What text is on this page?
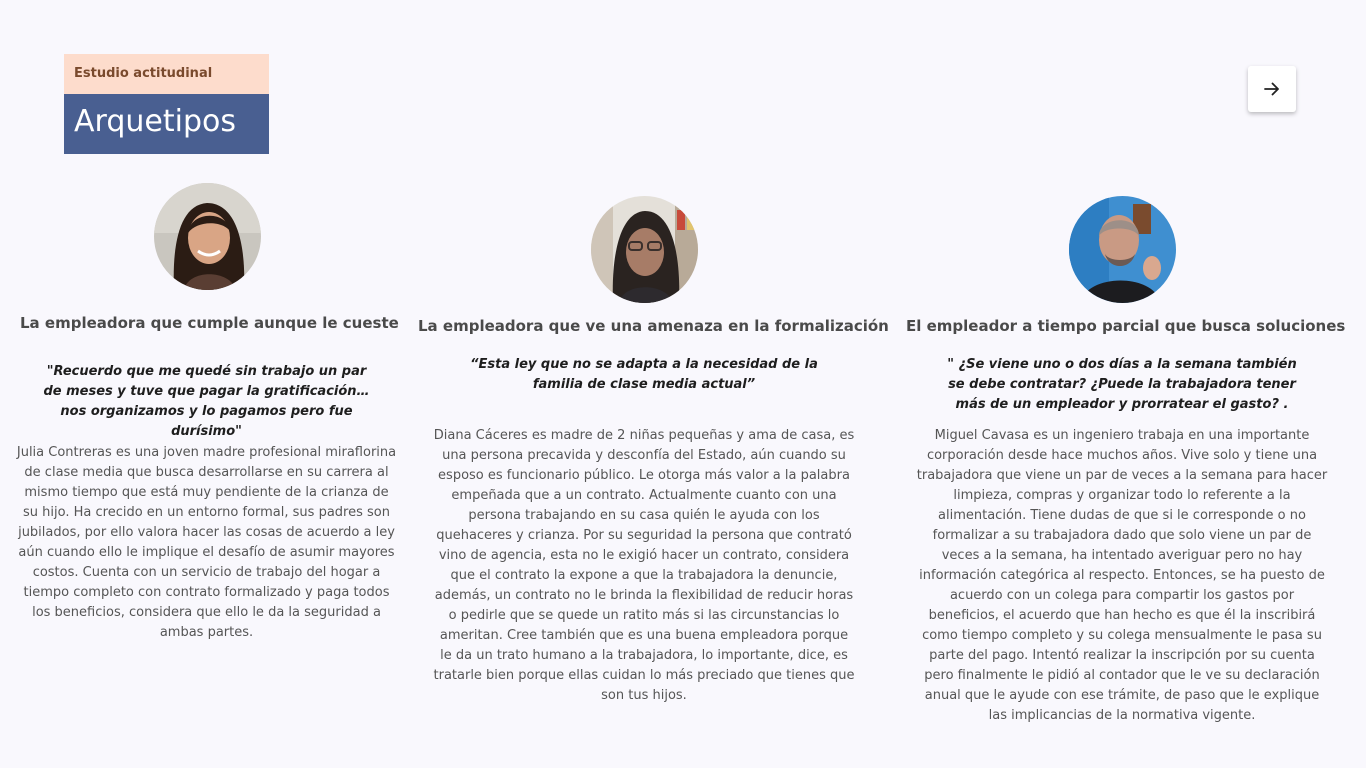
Estudio actitudinal
Arquetipos
La empleadora que cumple aunque le cueste
"Recuerdo que me quedé sin trabajo un par de meses y tuve que pagar la gratificación…nos organizamos y lo pagamos pero fue durísimo"
Julia Contreras es una joven madre profesional miraflorina de clase media que busca desarrollarse en su carrera al mismo tiempo que está muy pendiente de la crianza de su hijo. Ha crecido en un entorno formal, sus padres son jubilados, por ello valora hacer las cosas de acuerdo a ley aún cuando ello le implique el desafío de asumir mayores costos. Cuenta con un servicio de trabajo del hogar a tiempo completo con contrato formalizado y paga todos los beneficios, considera que ello le da la seguridad a ambas partes.
La empleadora que ve una amenaza en la formalización
“Esta ley que no se adapta a la necesidad de la familia de clase media actual”
Diana Cáceres es madre de 2 niñas pequeñas y ama de casa, es una persona precavida y desconfía del Estado, aún cuando su esposo es funcionario público. Le otorga más valor a la palabra empeñada que a un contrato. Actualmente cuanto con una persona trabajando en su casa quién le ayuda con los quehaceres y crianza. Por su seguridad la persona que contrató vino de agencia, esta no le exigió hacer un contrato, considera que el contrato la expone a que la trabajadora la denuncie, además, un contrato no le brinda la flexibilidad de reducir horas o pedirle que se quede un ratito más si las circunstancias lo ameritan. Cree también que es una buena empleadora porque le da un trato humano a la trabajadora, lo importante, dice, es tratarle bien porque ellas cuidan lo más preciado que tienes que son tus hijos.
El empleador a tiempo parcial que busca soluciones
" ¿Se viene uno o dos días a la semana también se debe contratar? ¿Puede la trabajadora tener más de un empleador y prorratear el gasto? .
Miguel Cavasa es un ingeniero trabaja en una importante corporación desde hace muchos años. Vive solo y tiene una trabajadora que viene un par de veces a la semana para hacer limpieza, compras y organizar todo lo referente a la alimentación. Tiene dudas de que si le corresponde o no formalizar a su trabajadora dado que solo viene un par de veces a la semana, ha intentado averiguar pero no hay información categórica al respecto. Entonces, se ha puesto de acuerdo con un colega para compartir los gastos por beneficios, el acuerdo que han hecho es que él la inscribirá como tiempo completo y su colega mensualmente le pasa su parte del pago. Intentó realizar la inscripción por su cuenta pero finalmente le pidió al contador que le ve su declaración anual que le ayude con ese trámite, de paso que le explique las implicancias de la normativa vigente.
